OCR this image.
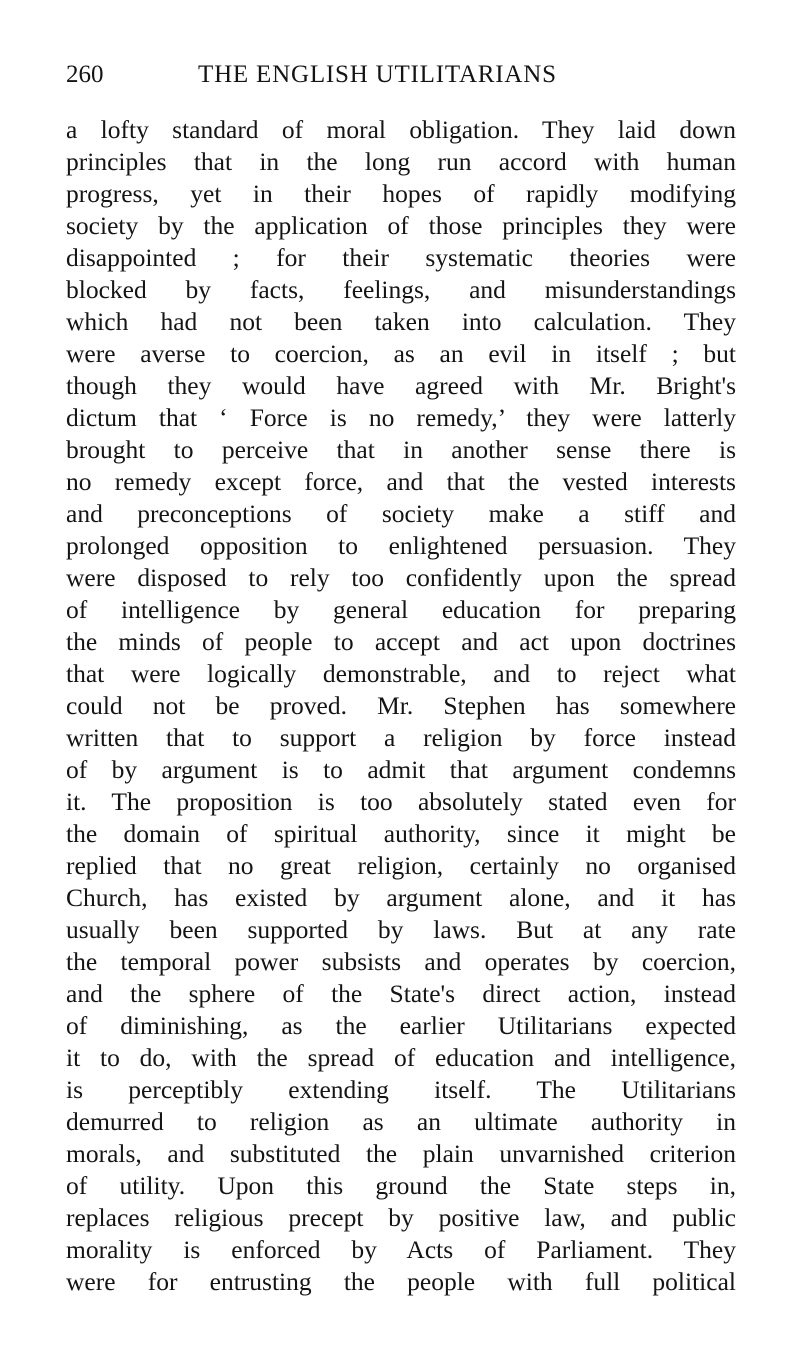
260	THE ENGLISH UTILITARIANS
a lofty standard of moral obligation. They laid down
principles that in the long run accord with human
progress, yet in their hopes of rapidly modifying
society by the application of those principles they were
disappointed ; for their systematic theories were
blocked by facts, feelings, and misunderstandings
which had not been taken into calculation. They
were averse to coercion, as an evil in itself ; but
though they would have agreed with Mr. Bright's
dictum that ‘ Force is no remedy,’ they were latterly
brought to perceive that in another sense there is
no remedy except force, and that the vested interests
and preconceptions of society make a stiff and
prolonged opposition to enlightened persuasion. They
were disposed to rely too confidently upon the spread
of intelligence by general education for preparing
the minds of people to accept and act upon doctrines
that were logically demonstrable, and to reject what
could not be proved. Mr. Stephen has somewhere
written that to support a religion by force instead
of by argument is to admit that argument condemns
it. The proposition is too absolutely stated even for
the domain of spiritual authority, since it might be
replied that no great religion, certainly no organised
Church, has existed by argument alone, and it has
usually been supported by laws. But at any rate
the temporal power subsists and operates by coercion,
and the sphere of the State's direct action, instead
of diminishing, as the earlier Utilitarians expected
it to do, with the spread of education and intelligence,
is perceptibly extending itself. The Utilitarians
demurred to religion as an ultimate authority in
morals, and substituted the plain unvarnished criterion
of utility. Upon this ground the State steps in,
replaces religious precept by positive law, and public
morality is enforced by Acts of Parliament. They
were for entrusting the people with full political
